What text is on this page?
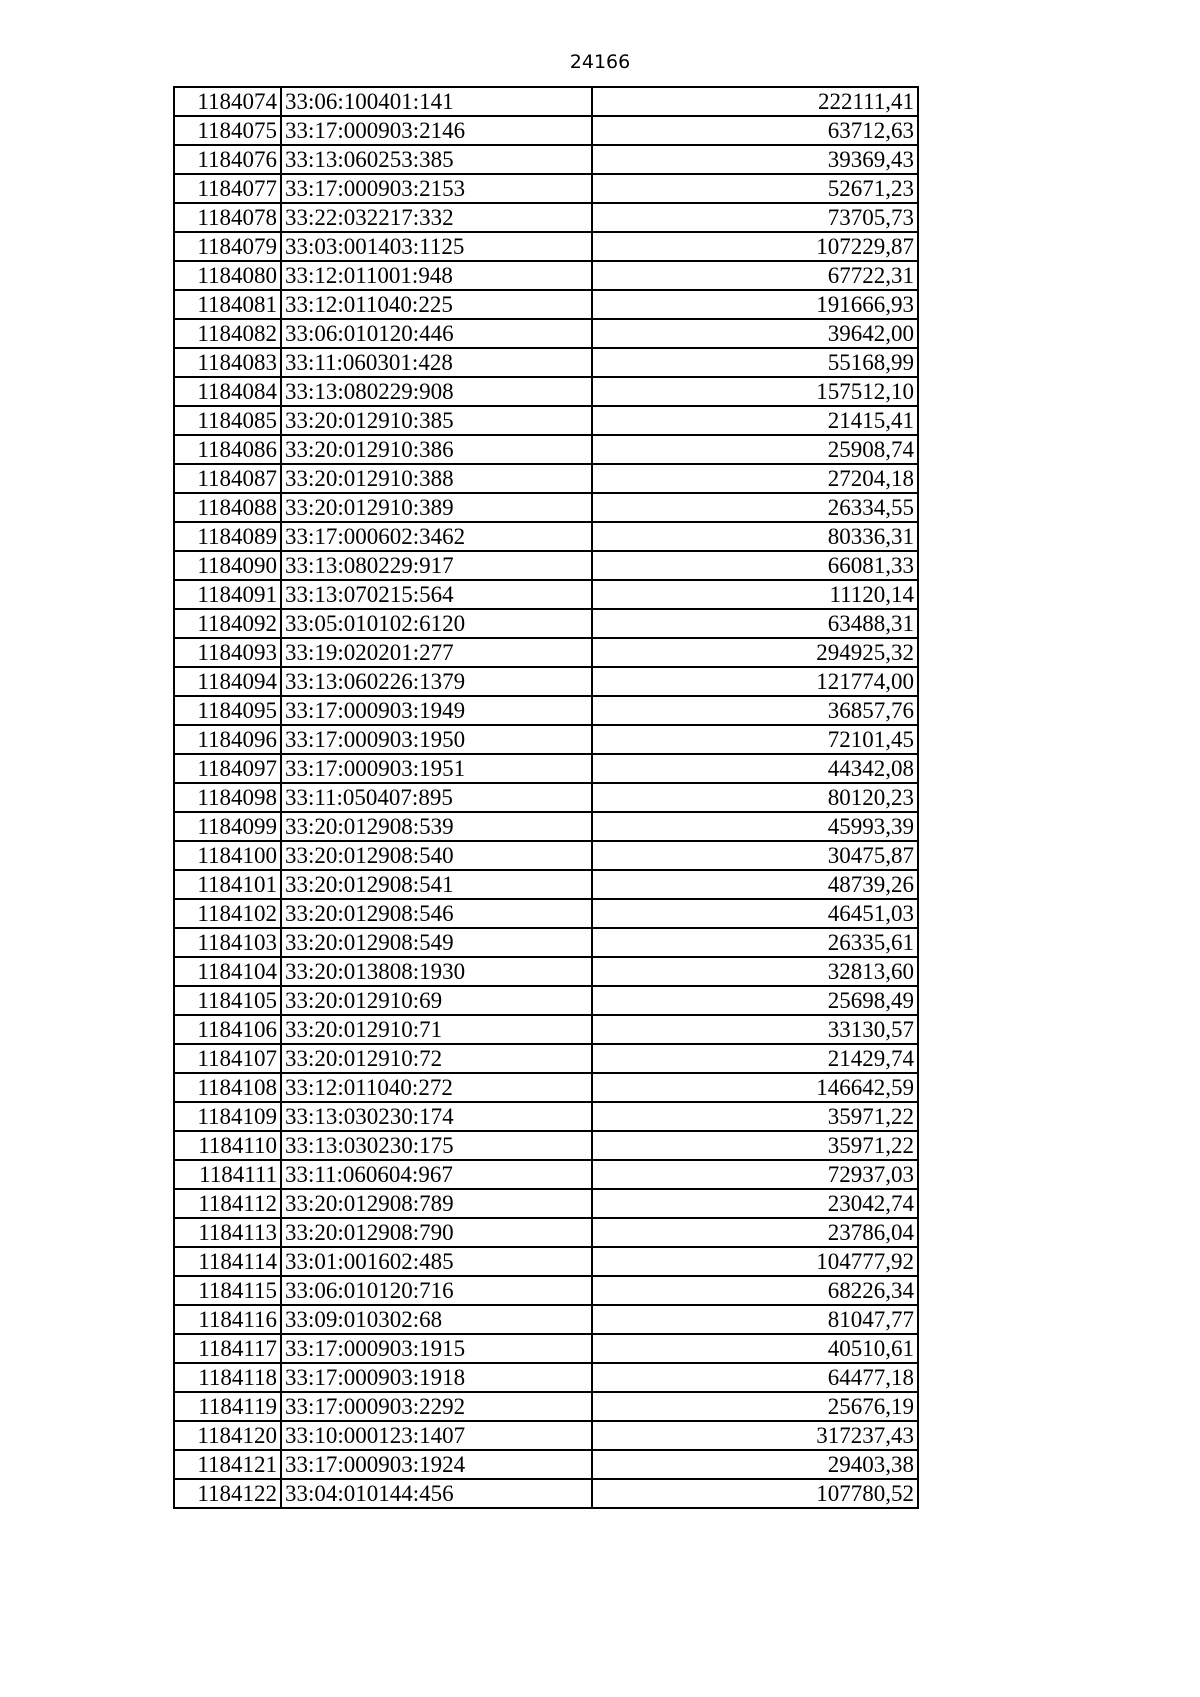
24166
1184074	33:06:100401:141	222111,41
1184075	33:17:000903:2146	63712,63
1184076	33:13:060253:385	39369,43
1184077	33:17:000903:2153	52671,23
1184078	33:22:032217:332	73705,73
1184079	33:03:001403:1125	107229,87
1184080	33:12:011001:948	67722,31
1184081	33:12:011040:225	191666,93
1184082	33:06:010120:446	39642,00
1184083	33:11:060301:428	55168,99
1184084	33:13:080229:908	157512,10
1184085	33:20:012910:385	21415,41
1184086	33:20:012910:386	25908,74
1184087	33:20:012910:388	27204,18
1184088	33:20:012910:389	26334,55
1184089	33:17:000602:3462	80336,31
1184090	33:13:080229:917	66081,33
1184091	33:13:070215:564	11120,14
1184092	33:05:010102:6120	63488,31
1184093	33:19:020201:277	294925,32
1184094	33:13:060226:1379	121774,00
1184095	33:17:000903:1949	36857,76
1184096	33:17:000903:1950	72101,45
1184097	33:17:000903:1951	44342,08
1184098	33:11:050407:895	80120,23
1184099	33:20:012908:539	45993,39
1184100	33:20:012908:540	30475,87
1184101	33:20:012908:541	48739,26
1184102	33:20:012908:546	46451,03
1184103	33:20:012908:549	26335,61
1184104	33:20:013808:1930	32813,60
1184105	33:20:012910:69	25698,49
1184106	33:20:012910:71	33130,57
1184107	33:20:012910:72	21429,74
1184108	33:12:011040:272	146642,59
1184109	33:13:030230:174	35971,22
1184110	33:13:030230:175	35971,22
1184111	33:11:060604:967	72937,03
1184112	33:20:012908:789	23042,74
1184113	33:20:012908:790	23786,04
1184114	33:01:001602:485	104777,92
1184115	33:06:010120:716	68226,34
1184116	33:09:010302:68	81047,77
1184117	33:17:000903:1915	40510,61
1184118	33:17:000903:1918	64477,18
1184119	33:17:000903:2292	25676,19
1184120	33:10:000123:1407	317237,43
1184121	33:17:000903:1924	29403,38
1184122	33:04:010144:456	107780,52
